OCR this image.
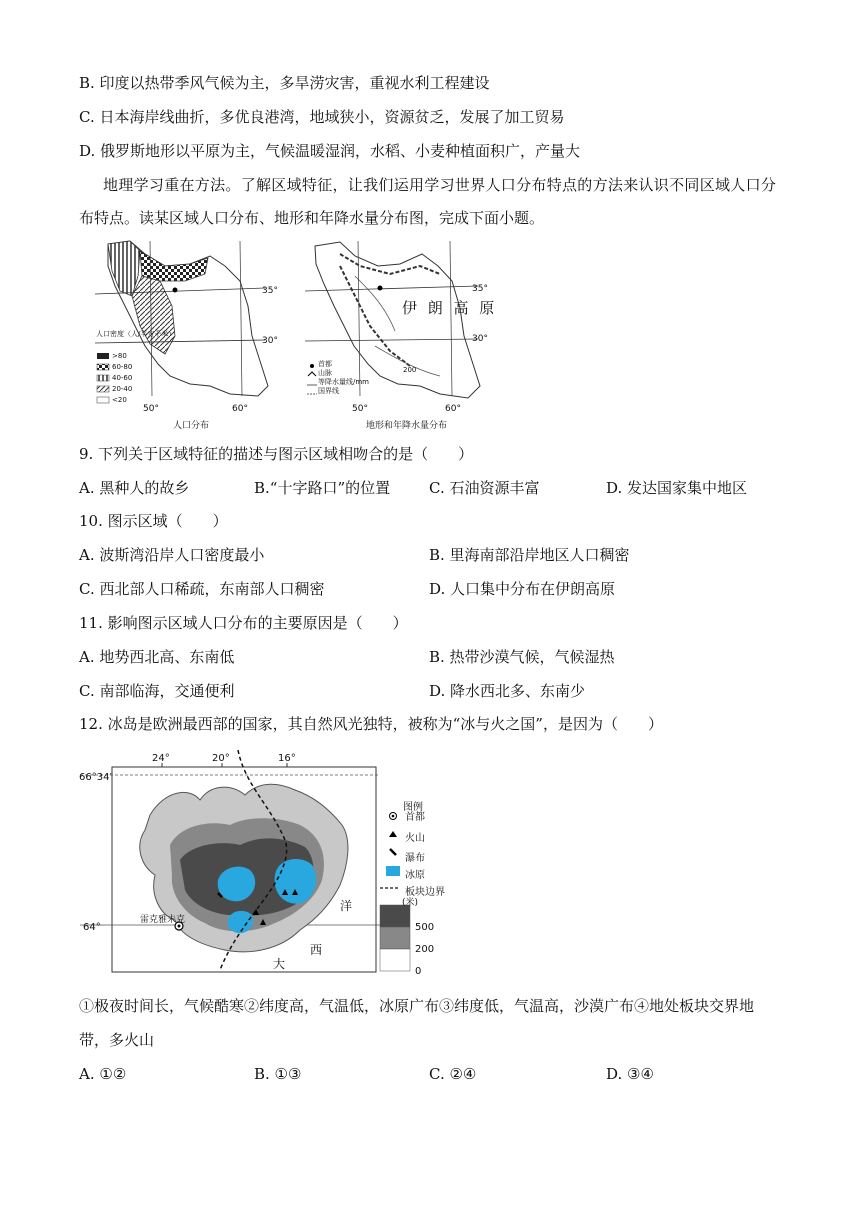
B. 印度以热带季风气候为主，多旱涝灾害，重视水利工程建设
C. 日本海岸线曲折，多优良港湾，地域狭小，资源贫乏，发展了加工贸易
D. 俄罗斯地形以平原为主，气候温暖湿润，水稻、小麦种植面积广，产量大
地理学习重在方法。了解区域特征，让我们运用学习世界人口分布特点的方法来认识不同区域人口分
布特点。读某区域人口分布、地形和年降水量分布图，完成下面小题。
人口密度（人/平方千米）
>80
60-80
40-60
20-40
<20
35°
30°
50°	60°
人口分布
伊 朗 高 原
200
首都
山脉
等降水量线/mm
国界线
35°
30°
50°	60°
地形和年降水量分布
9. 下列关于区域特征的描述与图示区域相吻合的是（　　）
A. 黑种人的故乡	B.“十字路口”的位置	C. 石油资源丰富	D. 发达国家集中地区
10. 图示区域（　　）
A. 波斯湾沿岸人口密度最小	B. 里海南部沿岸地区人口稠密
C. 西北部人口稀疏，东南部人口稠密	D. 人口集中分布在伊朗高原
11. 影响图示区域人口分布的主要原因是（　　）
A. 地势西北高、东南低	B. 热带沙漠气候，气候湿热
C. 南部临海，交通便利	D. 降水西北多、东南少
12. 冰岛是欧洲最西部的国家，其自然风光独特，被称为“冰与火之国”，是因为（　　）
24°	20°	16°
66°34′
64°
雷克雅未克
洋
西
大
图例
首都
火山
瀑布
冰原
板块边界
(米)
500
200
0
①极夜时间长，气候酷寒②纬度高，气温低，冰原广布③纬度低，气温高，沙漠广布④地处板块交界地
带，多火山
A. ①②	B. ①③	C. ②④	D. ③④
